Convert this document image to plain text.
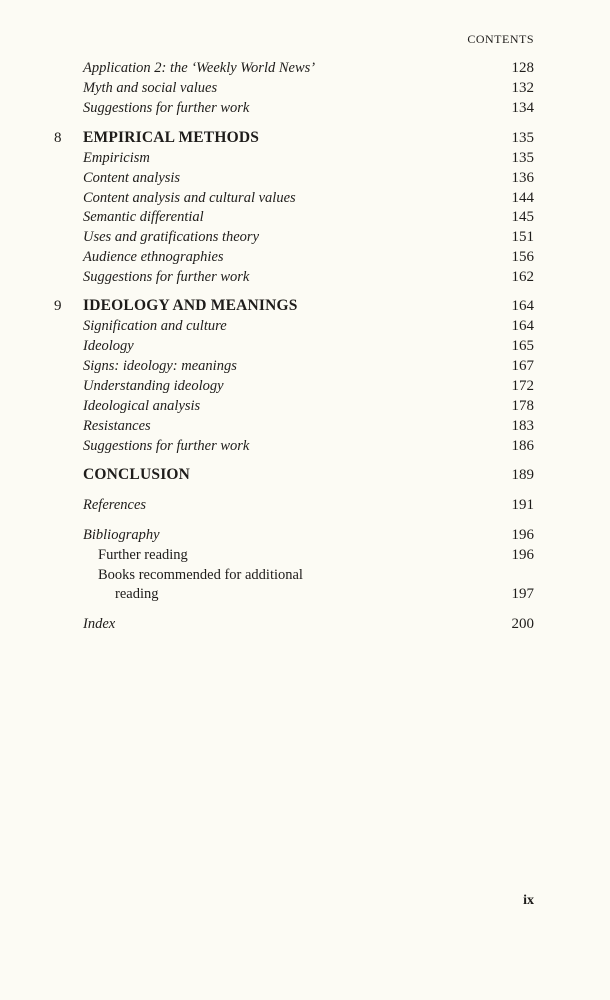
CONTENTS
Application 2: the ‘Weekly World News’	128
Myth and social values	132
Suggestions for further work	134
8 EMPIRICAL METHODS	135
Empiricism	135
Content analysis	136
Content analysis and cultural values	144
Semantic differential	145
Uses and gratifications theory	151
Audience ethnographies	156
Suggestions for further work	162
9 IDEOLOGY AND MEANINGS	164
Signification and culture	164
Ideology	165
Signs: ideology: meanings	167
Understanding ideology	172
Ideological analysis	178
Resistances	183
Suggestions for further work	186
CONCLUSION	189
References	191
Bibliography	196
Further reading	196
Books recommended for additional
reading	197
Index	200
ix
